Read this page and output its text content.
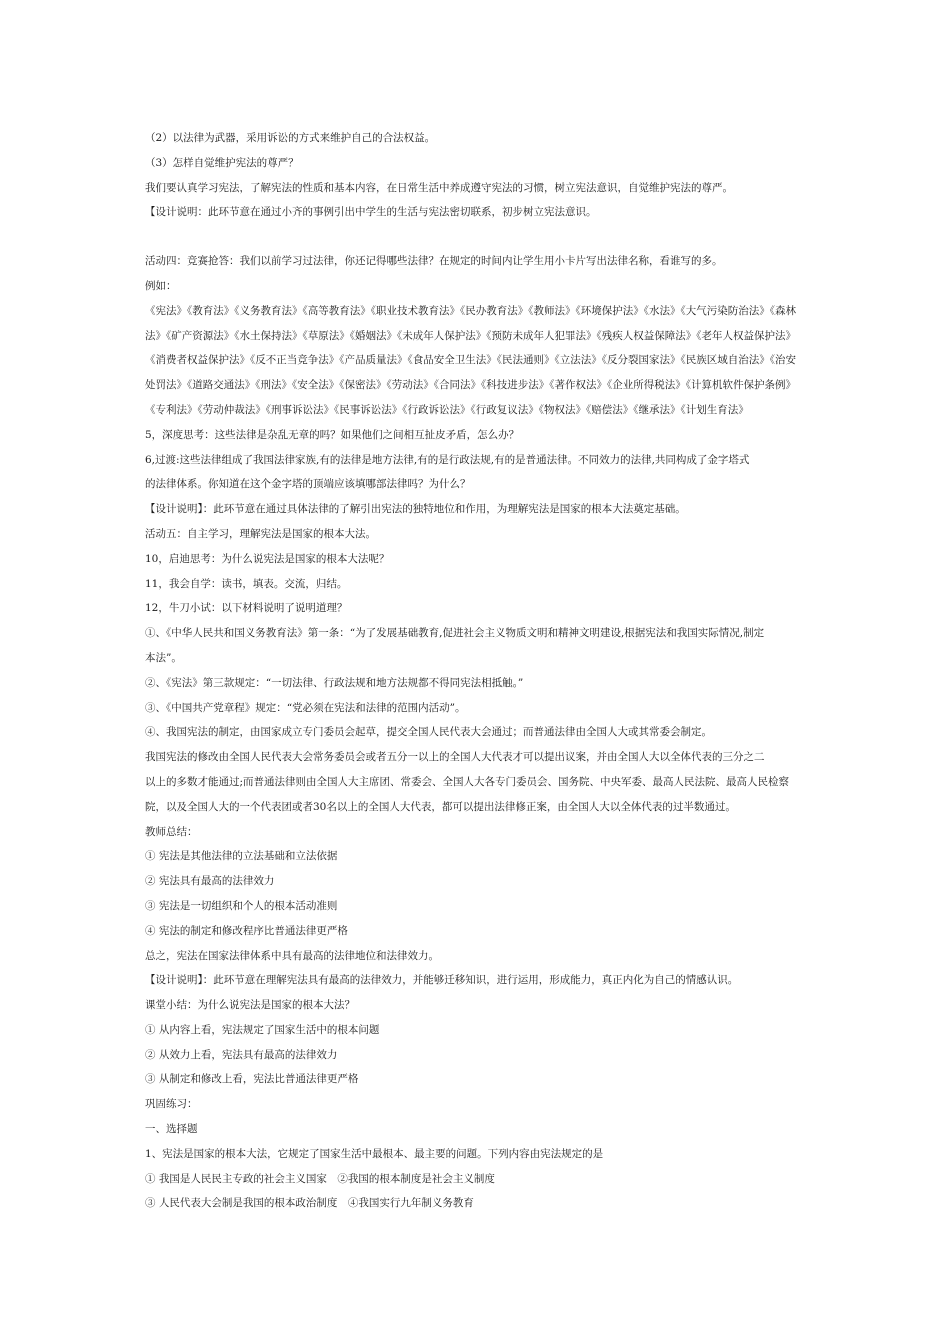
（2）以法律为武器，采用诉讼的方式来维护自己的合法权益。
（3）怎样自觉维护宪法的尊严？
我们要认真学习宪法，了解宪法的性质和基本内容，在日常生活中养成遵守宪法的习惯，树立宪法意识，自觉维护宪法的尊严。
【设计说明：此环节意在通过小齐的事例引出中学生的生活与宪法密切联系，初步树立宪法意识。
活动四：竞赛抢答：我们以前学习过法律，你还记得哪些法律？在规定的时间内让学生用小卡片写出法律名称，看谁写的多。
例如：
《宪法》《教育法》《义务教育法》《高等教育法》《职业技术教育法》《民办教育法》《教师法》《环境保护法》《水法》《大气污染防治法》《森林
法》《矿产资源法》《水土保持法》《草原法》《婚姻法》《未成年人保护法》《预防未成年人犯罪法》《残疾人权益保障法》《老年人权益保护法》
《消费者权益保护法》《反不正当竞争法》《产品质量法》《食品安全卫生法》《民法通则》《立法法》《反分裂国家法》《民族区域自治法》《治安
处罚法》《道路交通法》《刑法》《安全法》《保密法》《劳动法》《合同法》《科技进步法》《著作权法》《企业所得税法》《计算机软件保护条例》
《专利法》《劳动仲裁法》《刑事诉讼法》《民事诉讼法》《行政诉讼法》《行政复议法》《物权法》《赔偿法》《继承法》《计划生育法》
5，深度思考：这些法律是杂乱无章的吗？如果他们之间相互扯皮矛盾，怎么办？
6,过渡:这些法律组成了我国法律家族,有的法律是地方法律,有的是行政法规,有的是普通法律。不同效力的法律,共同构成了金字塔式
的法律体系。你知道在这个金字塔的顶端应该填哪部法律吗？为什么？
【设计说明】：此环节意在通过具体法律的了解引出宪法的独特地位和作用，为理解宪法是国家的根本大法奠定基础。
活动五：自主学习，理解宪法是国家的根本大法。
10，启迪思考：为什么说宪法是国家的根本大法呢？
11，我会自学：读书，填表。交流，归结。
12，牛刀小试：以下材料说明了说明道理？
①、《中华人民共和国义务教育法》第一条：“为了发展基础教育,促进社会主义物质文明和精神文明建设,根据宪法和我国实际情况,制定
本法”。
②、《宪法》第三款规定：“一切法律、行政法规和地方法规都不得同宪法相抵触。”
③、《中国共产党章程》规定：“党必须在宪法和法律的范围内活动”。
④、我国宪法的制定，由国家成立专门委员会起草，提交全国人民代表大会通过；而普通法律由全国人大或其常委会制定。
我国宪法的修改由全国人民代表大会常务委员会或者五分一以上的全国人大代表才可以提出议案，并由全国人大以全体代表的三分之二
以上的多数才能通过;而普通法律则由全国人大主席团、常委会、全国人大各专门委员会、国务院、中央军委、最高人民法院、最高人民检察
院，以及全国人大的一个代表团或者30名以上的全国人大代表，都可以提出法律修正案，由全国人大以全体代表的过半数通过。
教师总结：
① 宪法是其他法律的立法基础和立法依据
② 宪法具有最高的法律效力
③ 宪法是一切组织和个人的根本活动准则
④ 宪法的制定和修改程序比普通法律更严格
总之，宪法在国家法律体系中具有最高的法律地位和法律效力。
【设计说明】：此环节意在理解宪法具有最高的法律效力，并能够迁移知识，进行运用，形成能力，真正内化为自己的情感认识。
课堂小结：为什么说宪法是国家的根本大法？
① 从内容上看，宪法规定了国家生活中的根本问题
② 从效力上看，宪法具有最高的法律效力
③ 从制定和修改上看，宪法比普通法律更严格
巩固练习：
一、选择题
1、宪法是国家的根本大法，它规定了国家生活中最根本、最主要的问题。下列内容由宪法规定的是
① 我国是人民民主专政的社会主义国家　②我国的根本制度是社会主义制度
③ 人民代表大会制是我国的根本政治制度　④我国实行九年制义务教育
